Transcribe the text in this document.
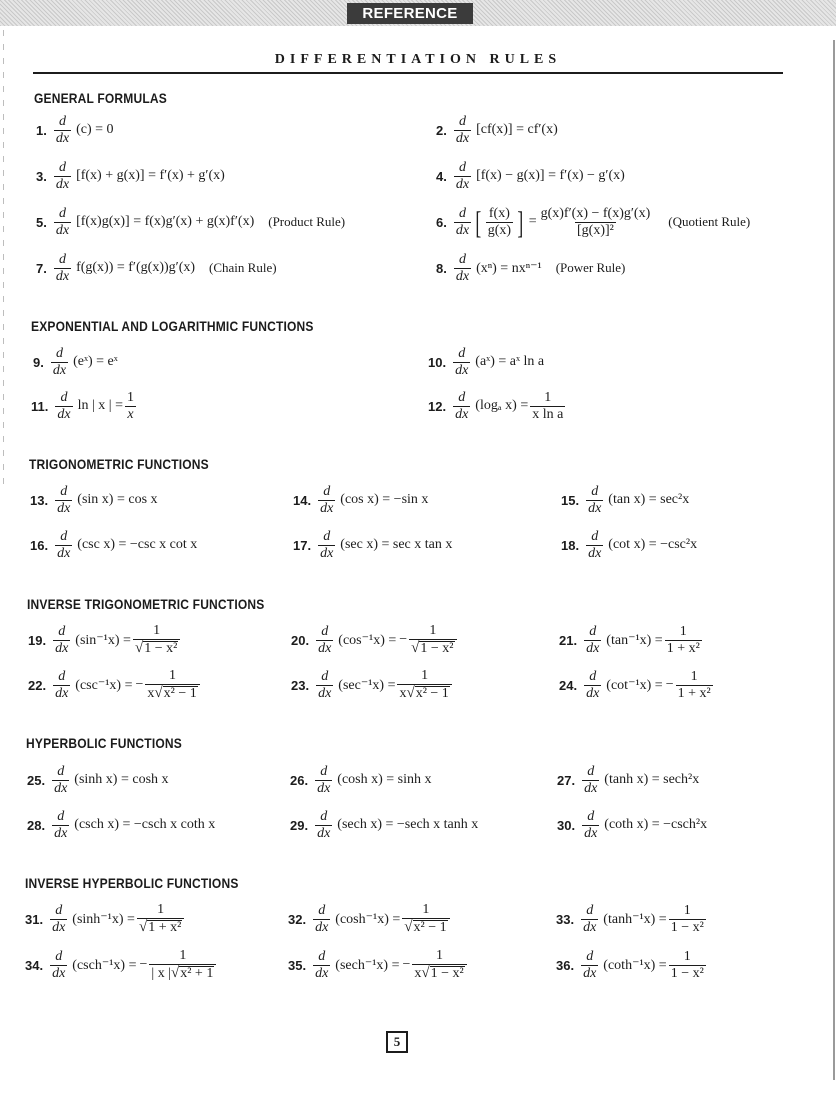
REFERENCE PAGES
DIFFERENTIATION RULES
GENERAL FORMULAS
EXPONENTIAL AND LOGARITHMIC FUNCTIONS
TRIGONOMETRIC FUNCTIONS
INVERSE TRIGONOMETRIC FUNCTIONS
HYPERBOLIC FUNCTIONS
INVERSE HYPERBOLIC FUNCTIONS
1. $\frac{d}{dx} (c) = 0$	2. $\frac{d}{dx} [cf(x)] = cf'(x)$
3. $\frac{d}{dx} [f(x) + g(x)] = f'(x) + g'(x)$	4. $\frac{d}{dx} [f(x) - g(x)] = f'(x) - g'(x)$
5. $\frac{d}{dx} [f(x)g(x)] = f(x)g'(x) + g(x)f'(x)$ (Product Rule)	6. $\frac{d}{dx}$ [ $\frac{f(x)}{g(x)}$ ] = $\frac{g(x)f'(x) - f(x)g'(x)}{\text{[g(x)]²}}$ (Quotient Rule)
7. $\frac{d}{dx} f(g(x)) = f'(g(x))g'(x)$ (Chain Rule)	8. $\frac{d}{dx} (x^n) = nx^{n-1}$ (Power Rule)
9. $\frac{d}{dx}$ (eˣ) = eˣ	10. $\frac{d}{dx}$ (aˣ) = aˣ ln a
11. $\frac{d}{dx}$ ln | x | = $\frac{1}{x}$	12. $\frac{d}{dx} (\log_a$ $x) = \frac{1}{\text{x ln a}}$
13. $\frac{d}{dx} (\sin$ x) = cos x	14. $\frac{d}{dx} (\cos$ x) = −sin x	15. $\frac{d}{dx} (\tan$ x) = sec²x
16. $\frac{d}{dx} (\csc$ x) = −csc x cot x	17. $\frac{d}{dx} (\sec$ x) = sec x tan x	18. $\frac{d}{dx} (\cot$ x) = −csc²x
19. $\frac{d}{dx} (\sin^{-1}x) = \frac{1}{\text{√ 1 − x²}}$	20. $\frac{d}{dx} (\cos^{-1}x)$ = − $\frac{1}{\text{√ 1 − x²}}$	21. $\frac{d}{dx} (\tan^{-1}x) = \frac{1}{\text{1 + x²}}$
22. $\frac{d}{dx} (\csc^{-1}x)$ = − $\frac{1}{\text{x √ x² − 1}}$	23. $\frac{d}{dx} (\sec^{-1}x) = \frac{1}{\text{x √ x² − 1}}$	24. $\frac{d}{dx} (\cot^{-1}x)$ = − $\frac{1}{\text{1 + x²}}$
25. $\frac{d}{dx} (\sinh$ x) = cosh x	26. $\frac{d}{dx} (\cosh$ x) = sinh x	27. $\frac{d}{dx} (\tanh$ x) = sech²x
28. $\frac{d}{dx} (\csc h$ x) = −csch x coth x	29. $\frac{d}{dx} (\sec h$ x) = −sech x tanh x	30. $\frac{d}{dx} (\cot h$ x) = −csch²x
31. $\frac{d}{dx} (\sinh^{-1}x) = \frac{1}{\text{√ 1 + x²}}$	32. $\frac{d}{dx} (\cosh^{-1}x) = \frac{1}{\text{√ x² − 1}}$	33. $\frac{d}{dx} (\tanh^{-1}x) = \frac{1}{\text{1 − x²}}$
34. $\frac{d}{dx} (\csc h^{-1}x)$ = − $\frac{1}{\text{| x | √ x² + 1}}$	35. $\frac{d}{dx} (\sec h^{-1}x)$ = − $\frac{1}{\text{x √ 1 − x²}}$	36. $\frac{d}{dx} (\cot h^{-1}x) = \frac{1}{\text{1 − x²}}$
5
